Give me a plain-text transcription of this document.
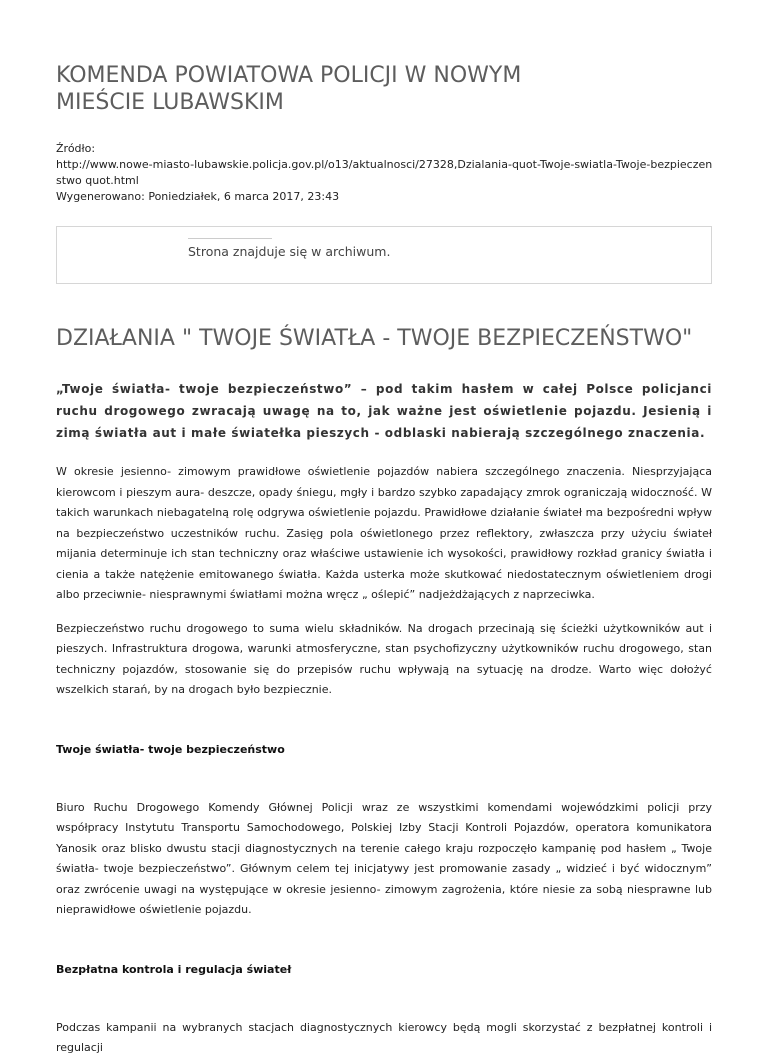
KOMENDA POWIATOWA POLICJI W NOWYM MIEŚCIE LUBAWSKIM
Źródło:
http://www.nowe-miasto-lubawskie.policja.gov.pl/o13/aktualnosci/27328,Dzialania-quot-Twoje-swiatla-Twoje-bezpieczenstwo quot.html
Wygenerowano: Poniedziałek, 6 marca 2017, 23:43
Strona znajduje się w archiwum.
DZIAŁANIA " TWOJE ŚWIATŁA - TWOJE BEZPIECZEŃSTWO"
„Twoje światła- twoje bezpieczeństwo” – pod takim hasłem w całej Polsce policjanci ruchu drogowego zwracają uwagę na to, jak ważne jest oświetlenie pojazdu. Jesienią i zimą światła aut i małe światełka pieszych - odblaski nabierają szczególnego znaczenia.

W okresie jesienno- zimowym prawidłowe oświetlenie pojazdów nabiera szczególnego znaczenia. Niesprzyjająca kierowcom i pieszym aura- deszcze, opady śniegu, mgły i bardzo szybko zapadający zmrok ograniczają widoczność. W takich warunkach niebagatelną rolę odgrywa oświetlenie pojazdu. Prawidłowe działanie świateł ma bezpośredni wpływ na bezpieczeństwo uczestników ruchu. Zasięg pola oświetlonego przez reflektory, zwłaszcza przy użyciu świateł mijania determinuje ich stan techniczny oraz właściwe ustawienie ich wysokości, prawidłowy rozkład granicy światła i cienia a także natężenie emitowanego światła. Każda usterka może skutkować niedostatecznym oświetleniem drogi albo przeciwnie- niesprawnymi światłami można wręcz „ oślepić” nadjeżdżających z naprzeciwka.

Bezpieczeństwo ruchu drogowego to suma wielu składników. Na drogach przecinają się ścieżki użytkowników aut i pieszych. Infrastruktura drogowa, warunki atmosferyczne, stan psychofizyczny użytkowników ruchu drogowego, stan techniczny pojazdów, stosowanie się do przepisów ruchu wpływają na sytuację na drodze. Warto więc dołożyć wszelkich starań, by na drogach było bezpiecznie.

Twoje światła- twoje bezpieczeństwo

Biuro Ruchu Drogowego Komendy Głównej Policji wraz ze wszystkimi komendami wojewódzkimi policji przy współpracy Instytutu Transportu Samochodowego, Polskiej Izby Stacji Kontroli Pojazdów, operatora komunikatora Yanosik oraz blisko dwustu stacji diagnostycznych na terenie całego kraju rozpoczęło kampanię pod hasłem „ Twoje światła- twoje bezpieczeństwo”. Głównym celem tej inicjatywy jest promowanie zasady „ widzieć i być widocznym” oraz zwrócenie uwagi na występujące w okresie jesienno- zimowym zagrożenia, które niesie za sobą niesprawne lub nieprawidłowe oświetlenie pojazdu.

Bezpłatna kontrola i regulacja świateł

Podczas kampanii na wybranych stacjach diagnostycznych kierowcy będą mogli skorzystać z bezpłatnej kontroli i regulacji
